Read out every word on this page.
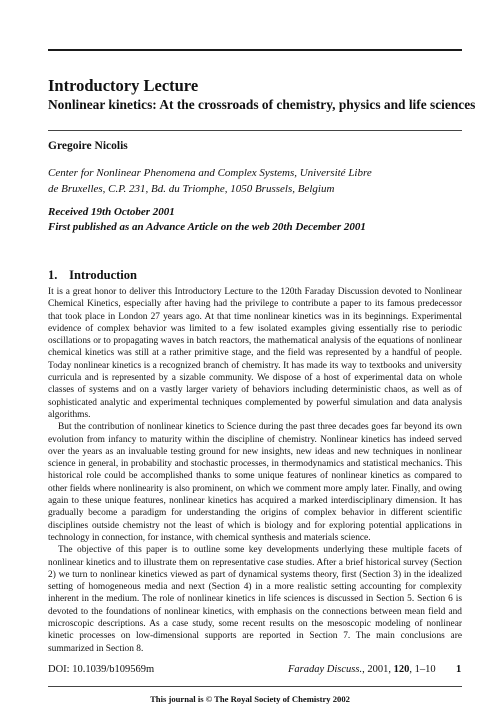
Introductory Lecture
Nonlinear kinetics: At the crossroads of chemistry, physics and life sciences
Gregoire Nicolis
Center for Nonlinear Phenomena and Complex Systems, Université Libre
de Bruxelles, C.P. 231, Bd. du Triomphe, 1050 Brussels, Belgium
Received 19th October 2001
First published as an Advance Article on the web 20th December 2001
1. Introduction

It is a great honor to deliver this Introductory Lecture to the 120th Faraday Discussion devoted to Nonlinear Chemical Kinetics, especially after having had the privilege to contribute a paper to its famous predecessor that took place in London 27 years ago. At that time nonlinear kinetics was in its beginnings. Experimental evidence of complex behavior was limited to a few isolated examples giving essentially rise to periodic oscillations or to propagating waves in batch reactors, the mathematical analysis of the equations of nonlinear chemical kinetics was still at a rather primitive stage, and the field was represented by a handful of people. Today nonlinear kinetics is a recognized branch of chemistry. It has made its way to textbooks and university curricula and is represented by a sizable community. We dispose of a host of experimental data on whole classes of systems and on a vastly larger variety of behaviors including deterministic chaos, as well as of sophisticated analytic and experimental techniques complemented by powerful simulation and data analysis algorithms.

But the contribution of nonlinear kinetics to Science during the past three decades goes far beyond its own evolution from infancy to maturity within the discipline of chemistry. Nonlinear kinetics has indeed served over the years as an invaluable testing ground for new insights, new ideas and new techniques in nonlinear science in general, in probability and stochastic processes, in thermodynamics and statistical mechanics. This historical role could be accomplished thanks to some unique features of nonlinear kinetics as compared to other fields where nonlinearity is also prominent, on which we comment more amply later. Finally, and owing again to these unique features, nonlinear kinetics has acquired a marked interdisciplinary dimension. It has gradually become a paradigm for understanding the origins of complex behavior in different scientific disciplines outside chemistry not the least of which is biology and for exploring potential applications in technology in connection, for instance, with chemical synthesis and materials science.

The objective of this paper is to outline some key developments underlying these multiple facets of nonlinear kinetics and to illustrate them on representative case studies. After a brief historical survey (Section 2) we turn to nonlinear kinetics viewed as part of dynamical systems theory, first (Section 3) in the idealized setting of homogeneous media and next (Section 4) in a more realistic setting accounting for complexity inherent in the medium. The role of nonlinear kinetics in life sciences is discussed in Section 5. Section 6 is devoted to the foundations of nonlinear kinetics, with emphasis on the connections between mean field and microscopic descriptions. As a case study, some recent results on the mesoscopic modeling of nonlinear kinetic processes on low-dimensional supports are reported in Section 7. The main conclusions are summarized in Section 8.

DOI: 10.1039/b109569m	Faraday Discuss., 2001, 120, 1–10 1
This journal is © The Royal Society of Chemistry 2002
